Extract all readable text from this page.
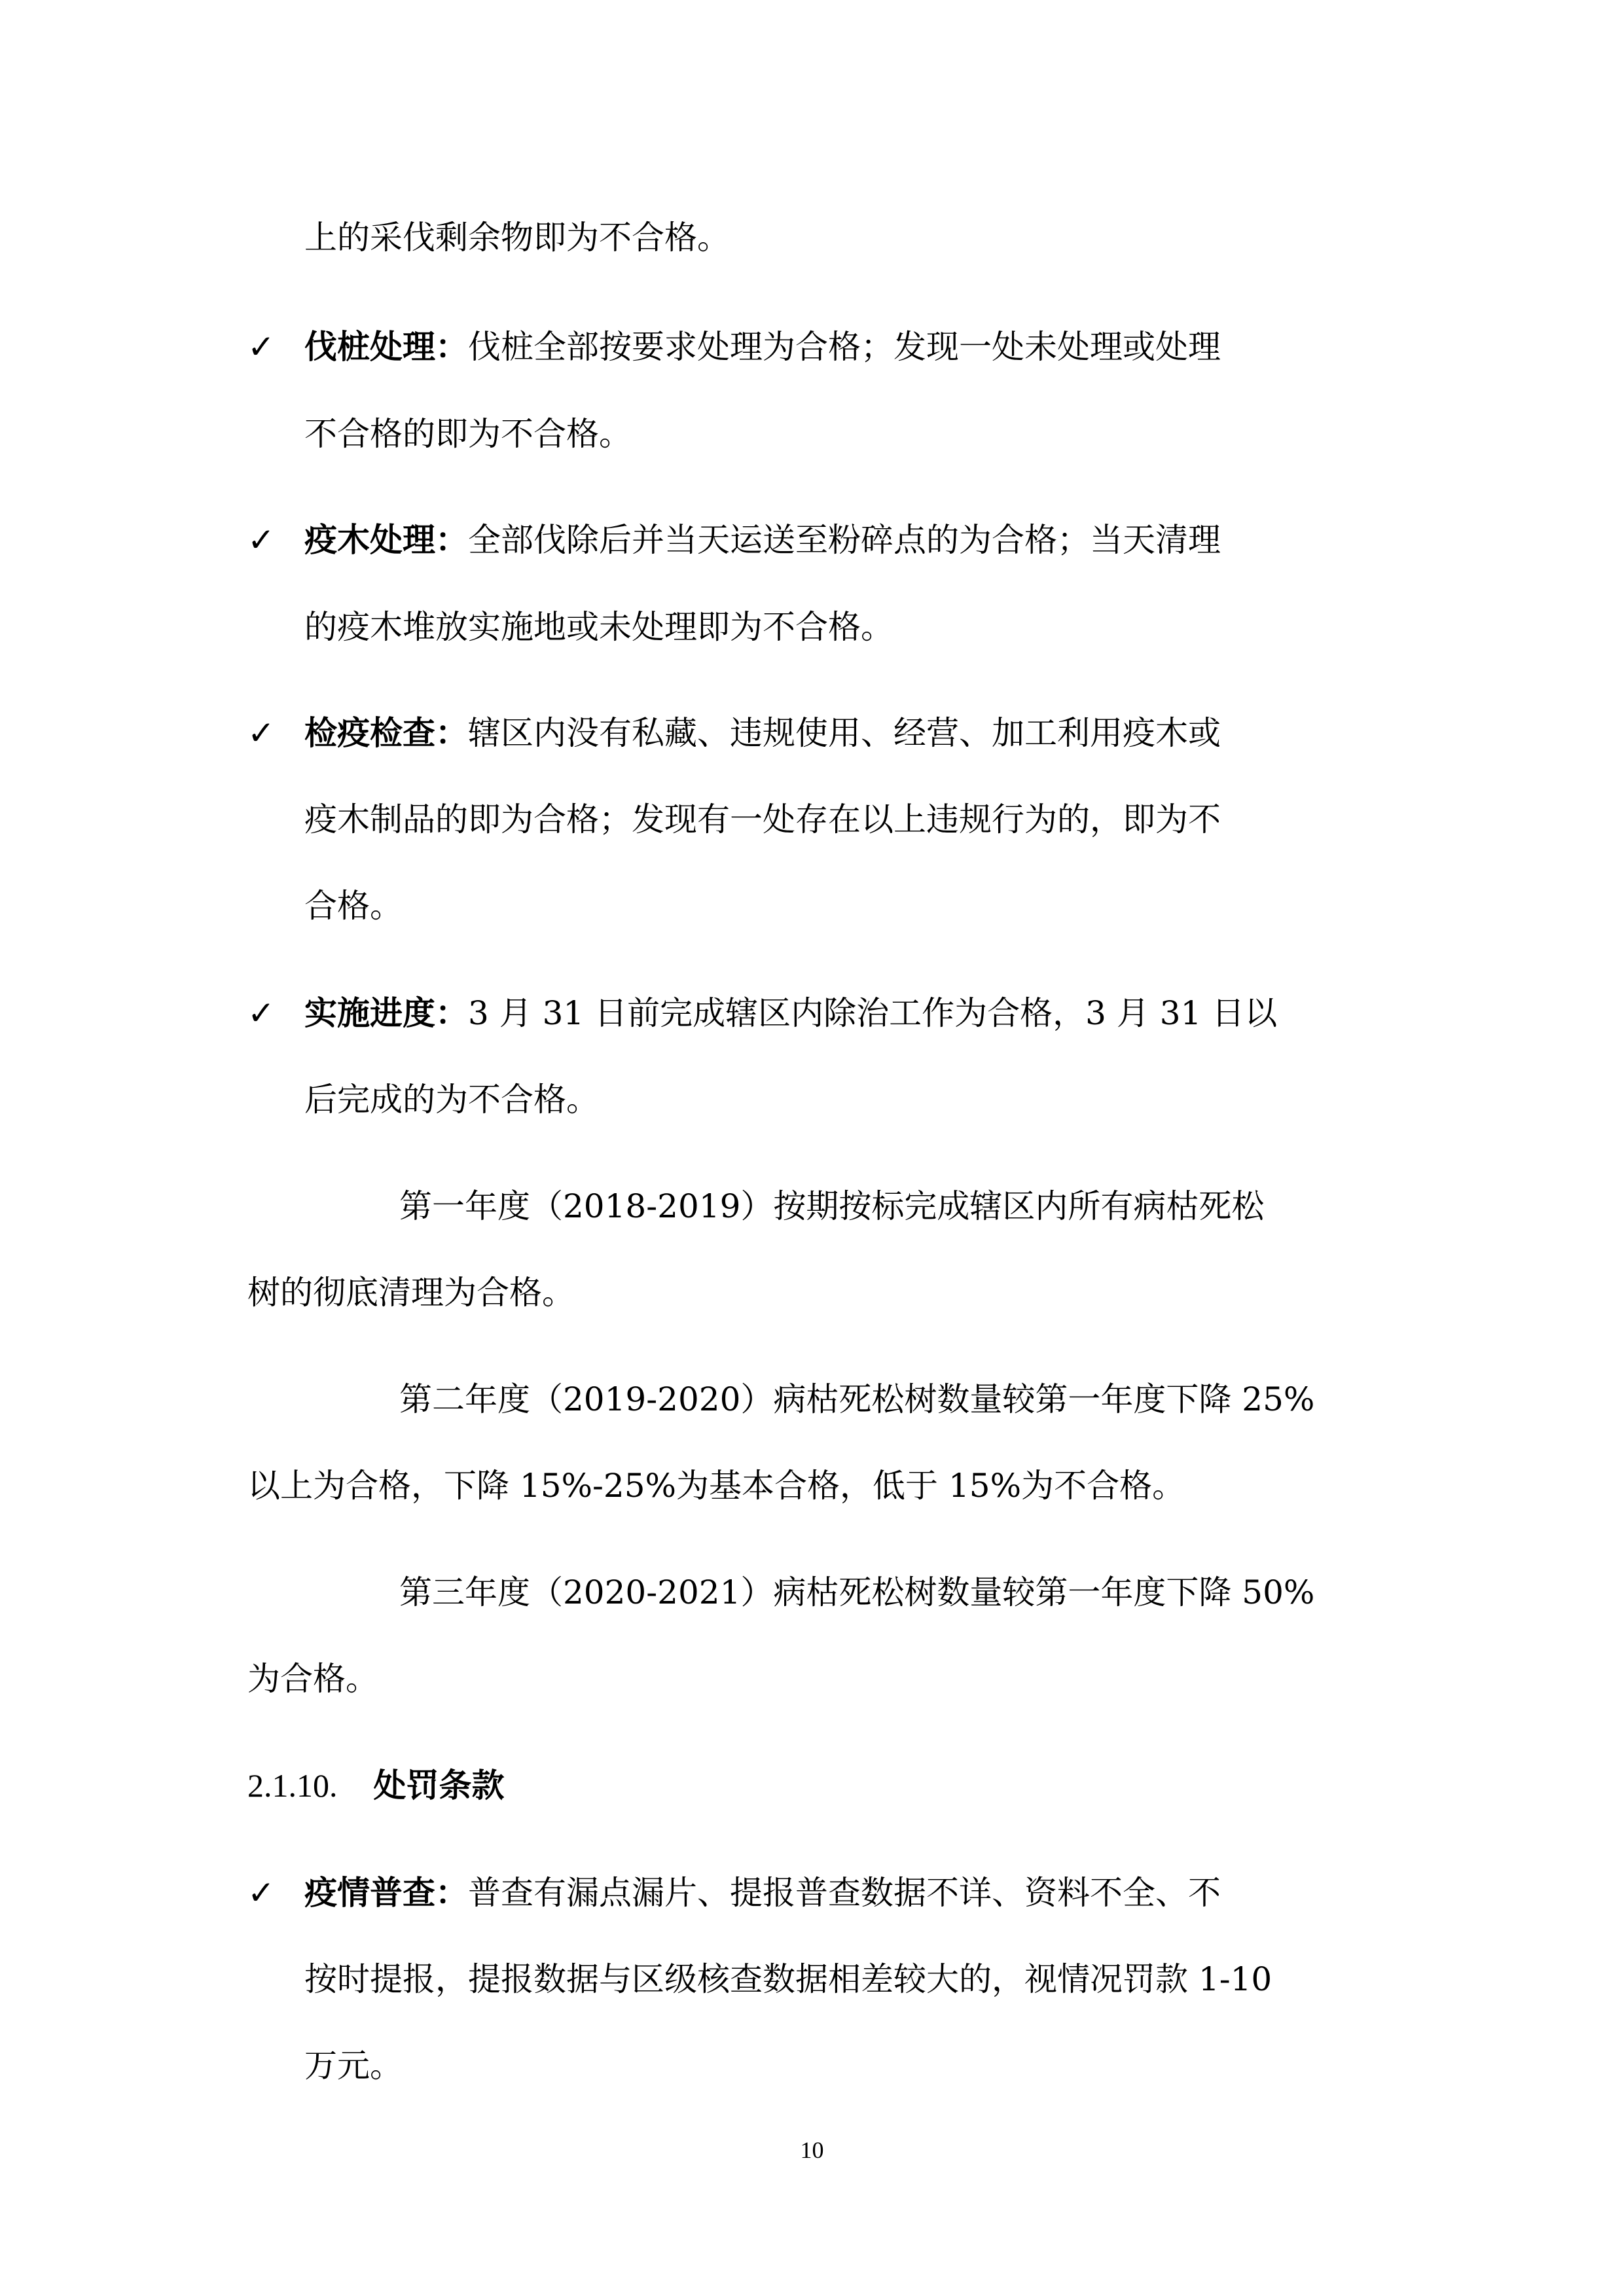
上的采伐剩余物即为不合格。
✓ 伐桩处理：伐桩全部按要求处理为合格；发现一处未处理或处理
不合格的即为不合格。
✓ 疫木处理：全部伐除后并当天运送至粉碎点的为合格；当天清理
的疫木堆放实施地或未处理即为不合格。
✓ 检疫检查：辖区内没有私藏、违规使用、经营、加工利用疫木或
疫木制品的即为合格；发现有一处存在以上违规行为的，即为不
合格。
✓ 实施进度：3 月 31 日前完成辖区内除治工作为合格，3 月 31 日以
后完成的为不合格。
第一年度（2018-2019）按期按标完成辖区内所有病枯死松
树的彻底清理为合格。
第二年度（2019-2020）病枯死松树数量较第一年度下降 25%
以上为合格，下降 15%-25%为基本合格，低于 15%为不合格。
第三年度（2020-2021）病枯死松树数量较第一年度下降 50%
为合格。
2.1.10. 处罚条款
✓ 疫情普查：普查有漏点漏片、提报普查数据不详、资料不全、不
按时提报，提报数据与区级核查数据相差较大的，视情况罚款 1-10
万元。
10
